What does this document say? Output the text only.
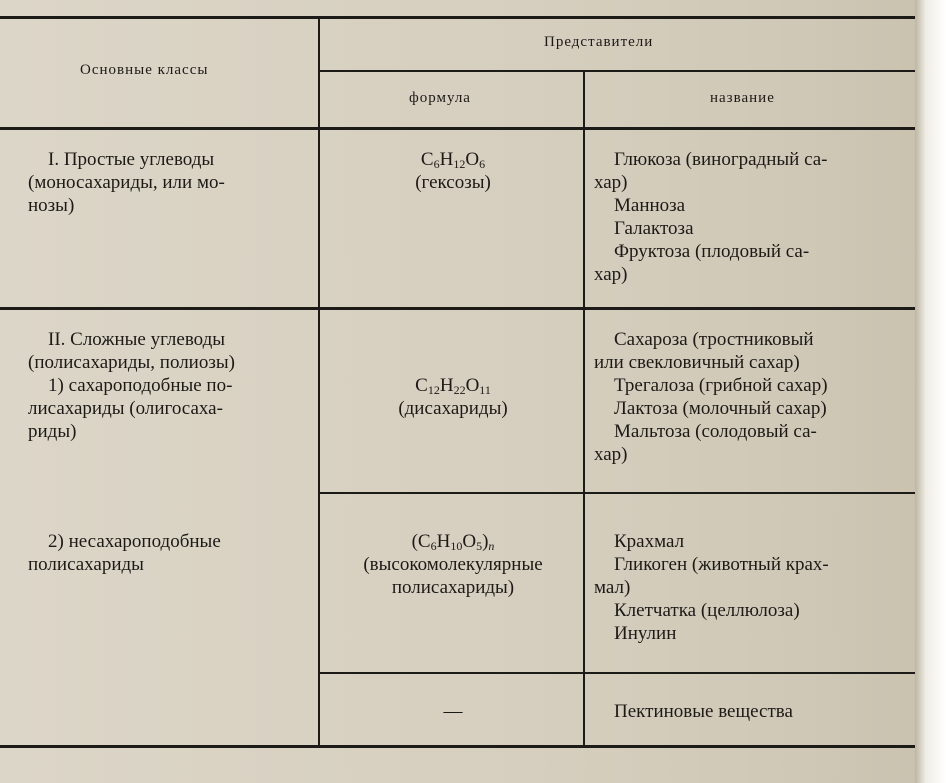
Основные классы
Представители
формула	название
I. Простые углеводы
(моносахариды, или мо-
нозы)
$C_6H_{12}O_6$
(гексозы)
Глюкоза (виноградный са-
хар)
Манноза
Галактоза
Фруктоза (плодовый са-
хар)
II. Сложные углеводы
(полисахариды, полиозы)
1) сахароподобные по-
лисахариды (олигосаха-
риды)
$C_{12}H_{22}O_{11}$
(дисахариды)
Сахароза (тростниковый
или свекловичный сахар)
Трегалоза (грибной сахар)
Лактоза (молочный сахар)
Мальтоза (солодовый са-
хар)
2) несахароподобные
полисахариды
$(C_6H_{10}O_5)_n$
(высокомолекулярные
полисахариды)
Крахмал
Гликоген (животный крах-
мал)
Клетчатка (целлюлоза)
Инулин
—	Пектиновые вещества
